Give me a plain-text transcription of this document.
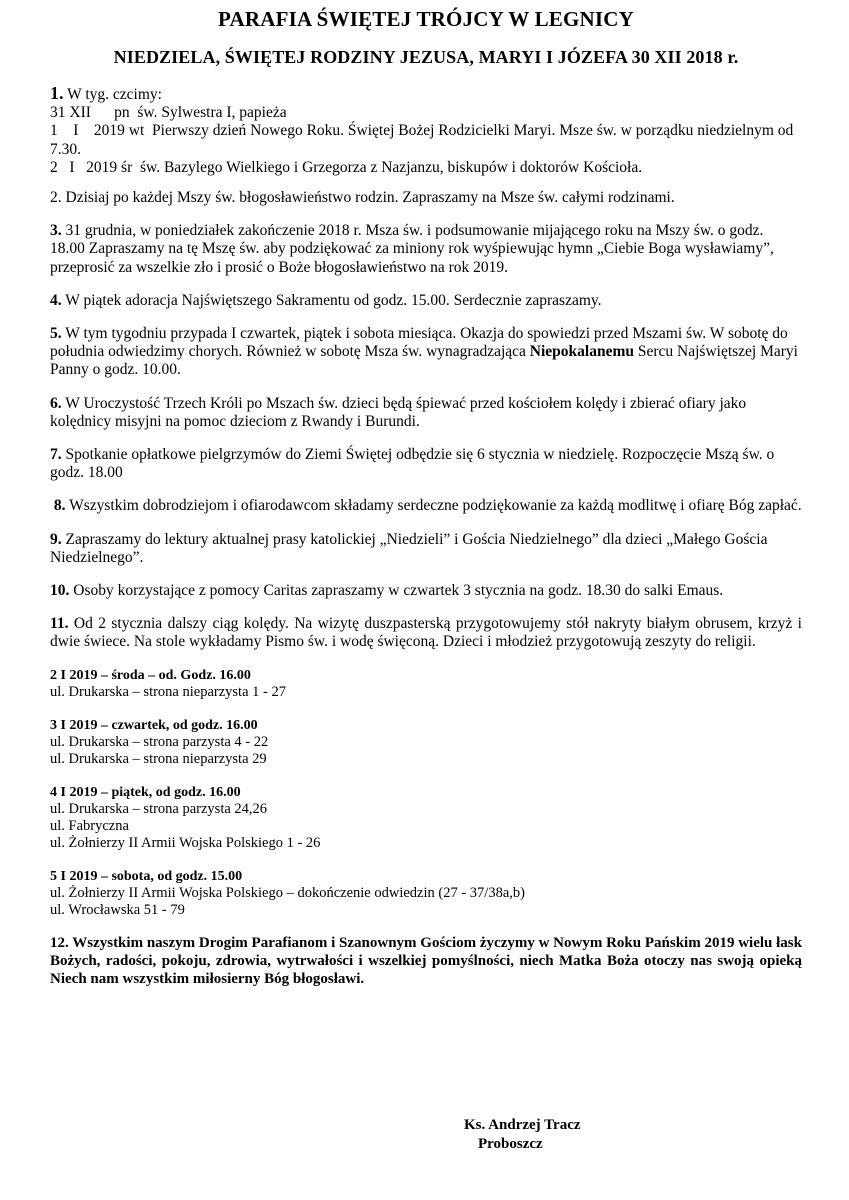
PARAFIA ŚWIĘTEJ TRÓJCY W LEGNICY
NIEDZIELA, ŚWIĘTEJ RODZINY JEZUSA, MARYI I JÓZEFA 30 XII 2018 r.
1. W tyg. czcimy:
31 XII      pn  św. Sylwestra I, papieża
1    I    2019 wt  Pierwszy dzień Nowego Roku. Świętej Bożej Rodzicielki Maryi. Msze św. w porządku niedzielnym od 7.30.
2   I   2019 śr  św. Bazylego Wielkiego i Grzegorza z Nazjanzu, biskupów i doktorów Kościoła.
2. Dzisiaj po każdej Mszy św. błogosławieństwo rodzin. Zapraszamy na Msze św. całymi rodzinami.
3. 31 grudnia, w poniedziałek zakończenie 2018 r. Msza św. i podsumowanie mijającego roku na Mszy św. o godz. 18.00 Zapraszamy na tę Mszę św. aby podziękować za miniony rok wyśpiewując hymn „Ciebie Boga wysławiamy”, przeprosić za wszelkie zło i prosić o Boże błogosławieństwo na rok 2019.
4. W piątek adoracja Najświętszego Sakramentu od godz. 15.00. Serdecznie zapraszamy.
5. W tym tygodniu przypada I czwartek, piątek i sobota miesiąca. Okazja do spowiedzi przed Mszami św. W sobotę do południa odwiedzimy chorych. Również w sobotę Msza św. wynagradzająca Niepokalanemu Sercu Najświętszej Maryi Panny o godz. 10.00.
6. W Uroczystość Trzech Króli po Mszach św. dzieci będą śpiewać przed kościołem kolędy i zbierać ofiary jako kolędnicy misyjni na pomoc dzieciom z Rwandy i Burundi.
7. Spotkanie opłatkowe pielgrzymów do Ziemi Świętej odbędzie się 6 stycznia w niedzielę. Rozpoczęcie Mszą św. o godz. 18.00
8. Wszystkim dobrodziejom i ofiarodawcom składamy serdeczne podziękowanie za każdą modlitwę i ofiarę Bóg zapłać.
9. Zapraszamy do lektury aktualnej prasy katolickiej „Niedzieli” i Gościa Niedzielnego” dla dzieci „Małego Gościa Niedzielnego”.
10. Osoby korzystające z pomocy Caritas zapraszamy w czwartek 3 stycznia na godz. 18.30 do salki Emaus.
11. Od 2 stycznia dalszy ciąg kolędy. Na wizytę duszpasterską przygotowujemy stół nakryty białym obrusem, krzyż i dwie świece. Na stole wykładamy Pismo św. i wodę święconą. Dzieci i młodzież przygotowują zeszyty do religii.
2 I 2019 – środa – od. Godz. 16.00
ul. Drukarska – strona nieparzysta 1 - 27
3 I 2019 – czwartek, od godz. 16.00
ul. Drukarska – strona parzysta 4 - 22
ul. Drukarska – strona nieparzysta 29
4 I 2019 – piątek, od godz. 16.00
ul. Drukarska – strona parzysta 24,26
ul. Fabryczna
ul. Żołnierzy II Armii Wojska Polskiego 1 - 26
5 I 2019 – sobota, od godz. 15.00
ul. Żołnierzy II Armii Wojska Polskiego – dokończenie odwiedzin (27 - 37/38a,b)
ul. Wrocławska 51 - 79
12. Wszystkim naszym Drogim Parafianom i Szanownym Gościom życzymy w Nowym Roku Pańskim 2019 wielu łask Bożych, radości, pokoju, zdrowia, wytrwałości i wszelkiej pomyślności, niech Matka Boża otoczy nas swoją opieką Niech nam wszystkim miłosierny Bóg błogosławi.
Ks. Andrzej Tracz
Proboszcz
